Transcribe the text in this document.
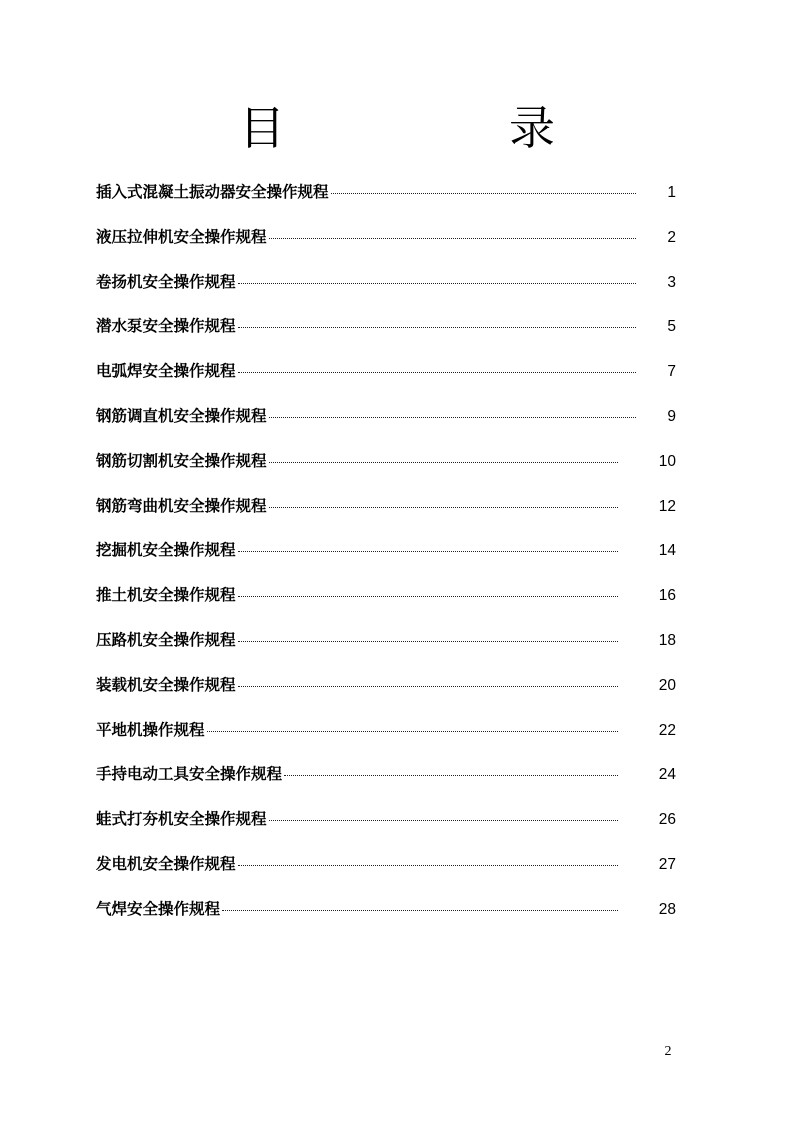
目　　录
插入式混凝土振动器安全操作规程	1
液压拉伸机安全操作规程	2
卷扬机安全操作规程	3
潜水泵安全操作规程	5
电弧焊安全操作规程	7
钢筋调直机安全操作规程	9
钢筋切割机安全操作规程	10
钢筋弯曲机安全操作规程	12
挖掘机安全操作规程	14
推土机安全操作规程	16
压路机安全操作规程	18
装载机安全操作规程	20
平地机操作规程	22
手持电动工具安全操作规程	24
蛙式打夯机安全操作规程	26
发电机安全操作规程	27
气焊安全操作规程	28
2
